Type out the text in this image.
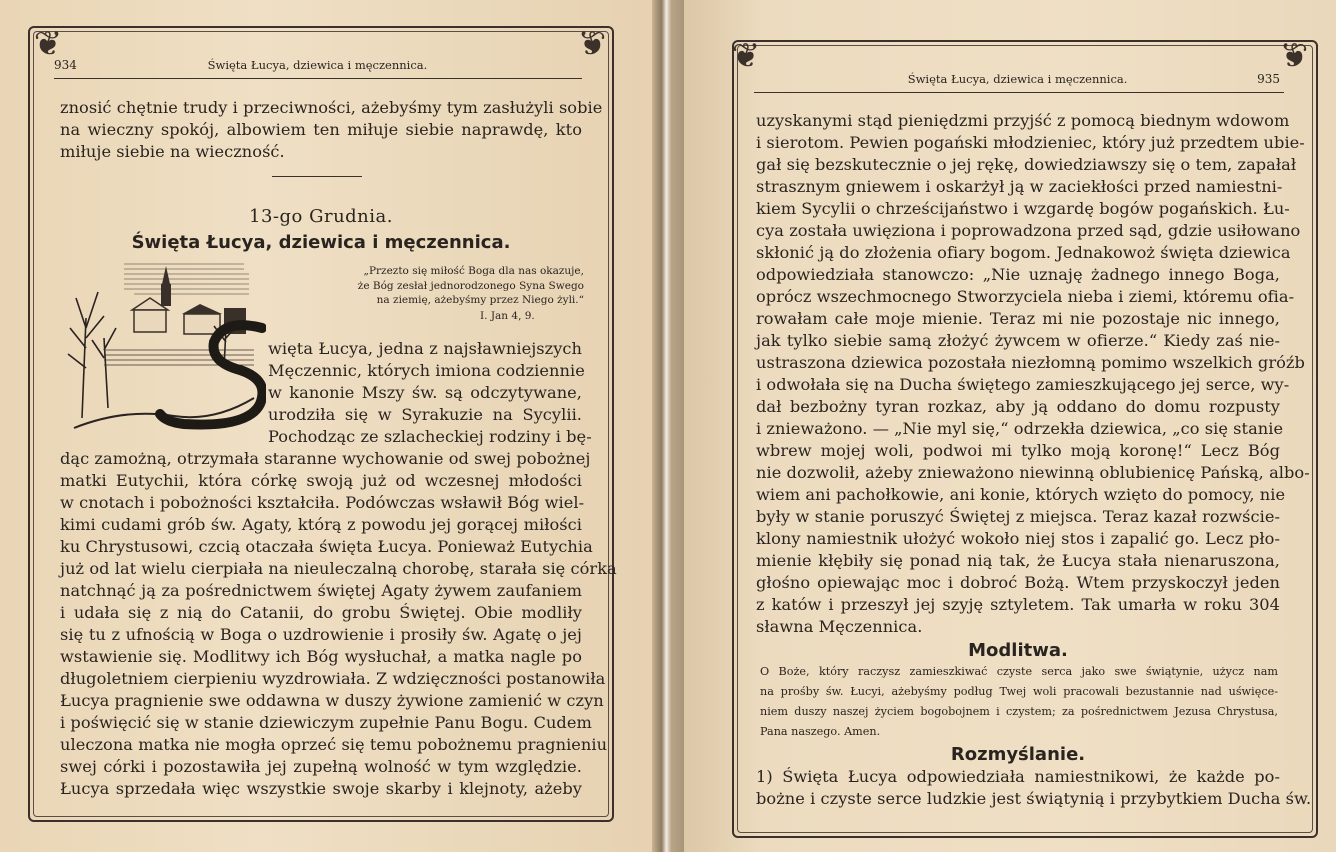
❦	❦
934	Święta Łucya, dziewica i męczennica.
znosić chętnie trudy i przeciwności, ażebyśmy tym zasłużyli sobie
na wieczny spokój, albowiem ten miłuje siebie naprawdę, kto
miłuje siebie na wieczność.
13-go Grudnia.
Święta Łucya, dziewica i męczennica.
„Przezto się miłość Boga dla nas okazuje,
że Bóg zesłał jednorodzonego Syna Swego
na ziemię, ażebyśmy przez Niego żyli.“
I. Jan 4, 9.
więta Łucya, jedna z najsławniejszych
Męczennic, których imiona codziennie
w kanonie Mszy św. są odczytywane,
urodziła się w Syrakuzie na Sycylii.
Pochodząc ze szlacheckiej rodziny i bę-
dąc zamożną, otrzymała staranne wychowanie od swej pobożnej
matki Eutychii, która córkę swoją już od wczesnej młodości
w cnotach i pobożności kształciła. Podówczas wsławił Bóg wiel-
kimi cudami grób św. Agaty, którą z powodu jej gorącej miłości
ku Chrystusowi, czcią otaczała święta Łucya. Ponieważ Eutychia
już od lat wielu cierpiała na nieuleczalną chorobę, starała się córka
natchnąć ją za pośrednictwem świętej Agaty żywem zaufaniem
i udała się z nią do Catanii, do grobu Świętej. Obie modliły
się tu z ufnością w Boga o uzdrowienie i prosiły św. Agatę o jej
wstawienie się. Modlitwy ich Bóg wysłuchał, a matka nagle po
długoletniem cierpieniu wyzdrowiała. Z wdzięczności postanowiła
Łucya pragnienie swe oddawna w duszy żywione zamienić w czyn
i poświęcić się w stanie dziewiczym zupełnie Panu Bogu. Cudem
uleczona matka nie mogła oprzeć się temu pobożnemu pragnieniu
swej córki i pozostawiła jej zupełną wolność w tym względzie.
Łucya sprzedała więc wszystkie swoje skarby i klejnoty, ażeby
❦	❦
Święta Łucya, dziewica i męczennica.	935
uzyskanymi stąd pieniędzmi przyjść z pomocą biednym wdowom
i sierotom. Pewien pogański młodzieniec, który już przedtem ubie-
gał się bezskutecznie o jej rękę, dowiedziawszy się o tem, zapałał
strasznym gniewem i oskarżył ją w zaciekłości przed namiestni-
kiem Sycylii o chrześcijaństwo i wzgardę bogów pogańskich. Łu-
cya została uwięziona i poprowadzona przed sąd, gdzie usiłowano
skłonić ją do złożenia ofiary bogom. Jednakowoż święta dziewica
odpowiedziała stanowczo: „Nie uznaję żadnego innego Boga,
oprócz wszechmocnego Stworzyciela nieba i ziemi, któremu ofia-
rowałam całe moje mienie. Teraz mi nie pozostaje nic innego,
jak tylko siebie samą złożyć żywcem w ofierze.“ Kiedy zaś nie-
ustraszona dziewica pozostała niezłomną pomimo wszelkich gróźb
i odwołała się na Ducha świętego zamieszkującego jej serce, wy-
dał bezbożny tyran rozkaz, aby ją oddano do domu rozpusty
i znieważono. — „Nie myl się,“ odrzekła dziewica, „co się stanie
wbrew mojej woli, podwoi mi tylko moją koronę!“ Lecz Bóg
nie dozwolił, ażeby znieważono niewinną oblubienicę Pańską, albo-
wiem ani pachołkowie, ani konie, których wzięto do pomocy, nie
były w stanie poruszyć Świętej z miejsca. Teraz kazał rozwście-
klony namiestnik ułożyć wokoło niej stos i zapalić go. Lecz pło-
mienie kłębiły się ponad nią tak, że Łucya stała nienaruszona,
głośno opiewając moc i dobroć Bożą. Wtem przyskoczył jeden
z katów i przeszył jej szyję sztyletem. Tak umarła w roku 304
sławna Męczennica.
Modlitwa.
O Boże, który raczysz zamieszkiwać czyste serca jako swe świątynie, użycz nam
na prośby św. Łucyi, ażebyśmy podług Twej woli pracowali bezustannie nad uświęce-
niem duszy naszej życiem bogobojnem i czystem; za pośrednictwem Jezusa Chrystusa,
Pana naszego. Amen.
Rozmyślanie.
1) Święta Łucya odpowiedziała namiestnikowi, że każde po-
bożne i czyste serce ludzkie jest świątynią i przybytkiem Ducha św.
